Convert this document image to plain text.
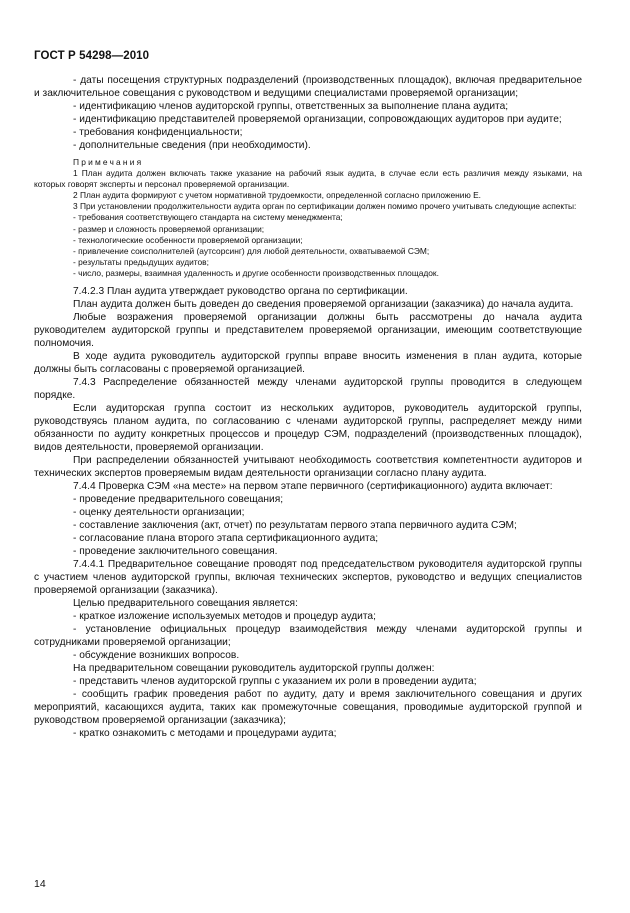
ГОСТ Р 54298—2010

- даты посещения структурных подразделений (производственных площадок), включая предварительное и заключительное совещания с руководством и ведущими специалистами проверяемой организации;

- идентификацию членов аудиторской группы, ответственных за выполнение плана аудита;

- идентификацию представителей проверяемой организации, сопровождающих аудиторов при аудите;

- требования конфиденциальности;

- дополнительные сведения (при необходимости).

Примечания

1 План аудита должен включать также указание на рабочий язык аудита, в случае если есть различия между языками, на которых говорят эксперты и персонал проверяемой организации.

2 План аудита формируют с учетом нормативной трудоемкости, определенной согласно приложению Е.

3 При установлении продолжительности аудита орган по сертификации должен помимо прочего учитывать следующие аспекты:

- требования соответствующего стандарта на систему менеджмента;

- размер и сложность проверяемой организации;

- технологические особенности проверяемой организации;

- привлечение соисполнителей (аутсорсинг) для любой деятельности, охватываемой СЭМ;

- результаты предыдущих аудитов;

- число, размеры, взаимная удаленность и другие особенности производственных площадок.

7.4.2.3 План аудита утверждает руководство органа по сертификации.

План аудита должен быть доведен до сведения проверяемой организации (заказчика) до начала аудита.

Любые возражения проверяемой организации должны быть рассмотрены до начала аудита руководителем аудиторской группы и представителем проверяемой организации, имеющим соответствующие полномочия.

В ходе аудита руководитель аудиторской группы вправе вносить изменения в план аудита, которые должны быть согласованы с проверяемой организацией.

7.4.3 Распределение обязанностей между членами аудиторской группы проводится в следующем порядке.

Если аудиторская группа состоит из нескольких аудиторов, руководитель аудиторской группы, руководствуясь планом аудита, по согласованию с членами аудиторской группы, распределяет между ними обязанности по аудиту конкретных процессов и процедур СЭМ, подразделений (производственных площадок), видов деятельности, проверяемой организации.

При распределении обязанностей учитывают необходимость соответствия компетентности аудиторов и технических экспертов проверяемым видам деятельности организации согласно плану аудита.

7.4.4 Проверка СЭМ «на месте» на первом этапе первичного (сертификационного) аудита включает:

- проведение предварительного совещания;

- оценку деятельности организации;

- составление заключения (акт, отчет) по результатам первого этапа первичного аудита СЭМ;

- согласование плана второго этапа сертификационного аудита;

- проведение заключительного совещания.

7.4.4.1 Предварительное совещание проводят под председательством руководителя аудиторской группы с участием членов аудиторской группы, включая технических экспертов, руководство и ведущих специалистов проверяемой организации (заказчика).

Целью предварительного совещания является:

- краткое изложение используемых методов и процедур аудита;

- установление официальных процедур взаимодействия между членами аудиторской группы и сотрудниками проверяемой организации;

- обсуждение возникших вопросов.

На предварительном совещании руководитель аудиторской группы должен:

- представить членов аудиторской группы с указанием их роли в проведении аудита;

- сообщить график проведения работ по аудиту, дату и время заключительного совещания и других мероприятий, касающихся аудита, таких как промежуточные совещания, проводимые аудиторской группой и руководством проверяемой организации (заказчика);

- кратко ознакомить с методами и процедурами аудита;

14
